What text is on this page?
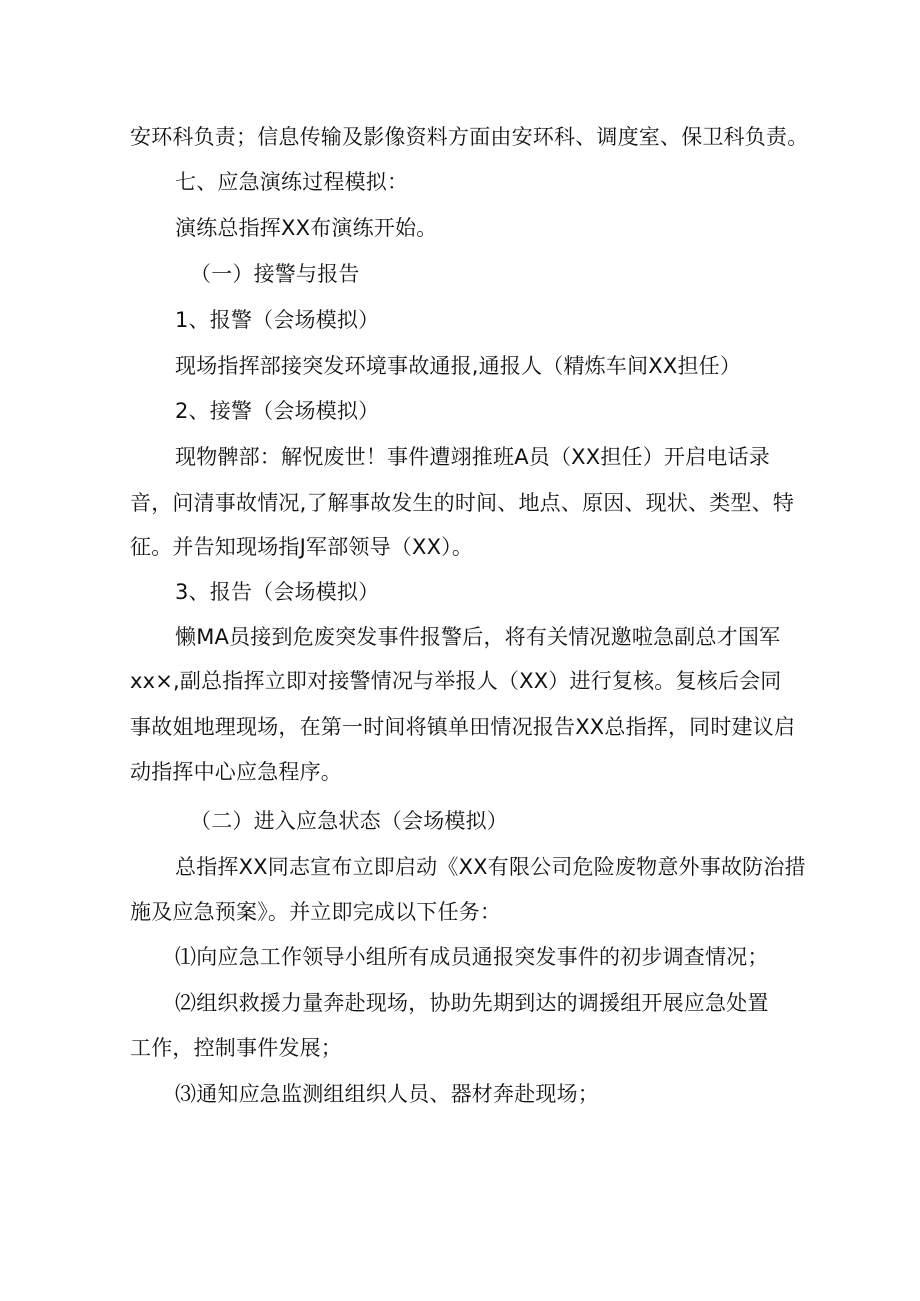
安环科负责；信息传输及影像资料方面由安环科、调度室、保卫科负责。
七、应急演练过程模拟：
演练总指挥XX布演练开始。
（一）接警与报告
1、报警（会场模拟）
现场指挥部接突发环境事故通报,通报人（精炼车间XX担任）
2、接警（会场模拟）
现物髀部：解怳废世！事件遭翊推班A员（XX担任）开启电话录
音，问清事故情况,了解事故发生的时间、地点、原因、现状、类型、特
征。并告知现场指J军部领导（XX）。
3、报告（会场模拟）
懒MA员接到危废突发事件报警后，将有关情况邀啦急副总才国军
xx×,副总指挥立即对接警情况与举报人（XX）进行复核。复核后会同
事故姐地理现场，在第一时间将镇单田情况报告XX总指挥，同时建议启
动指挥中心应急程序。
（二）进入应急状态（会场模拟）
总指挥XX同志宣布立即启动《XX有限公司危险废物意外事故防治措
施及应急预案》。并立即完成以下任务：
⑴向应急工作领导小组所有成员通报突发事件的初步调查情况；
⑵组织救援力量奔赴现场，协助先期到达的调援组开展应急处置
工作，控制事件发展；
⑶通知应急监测组组织人员、器材奔赴现场；
